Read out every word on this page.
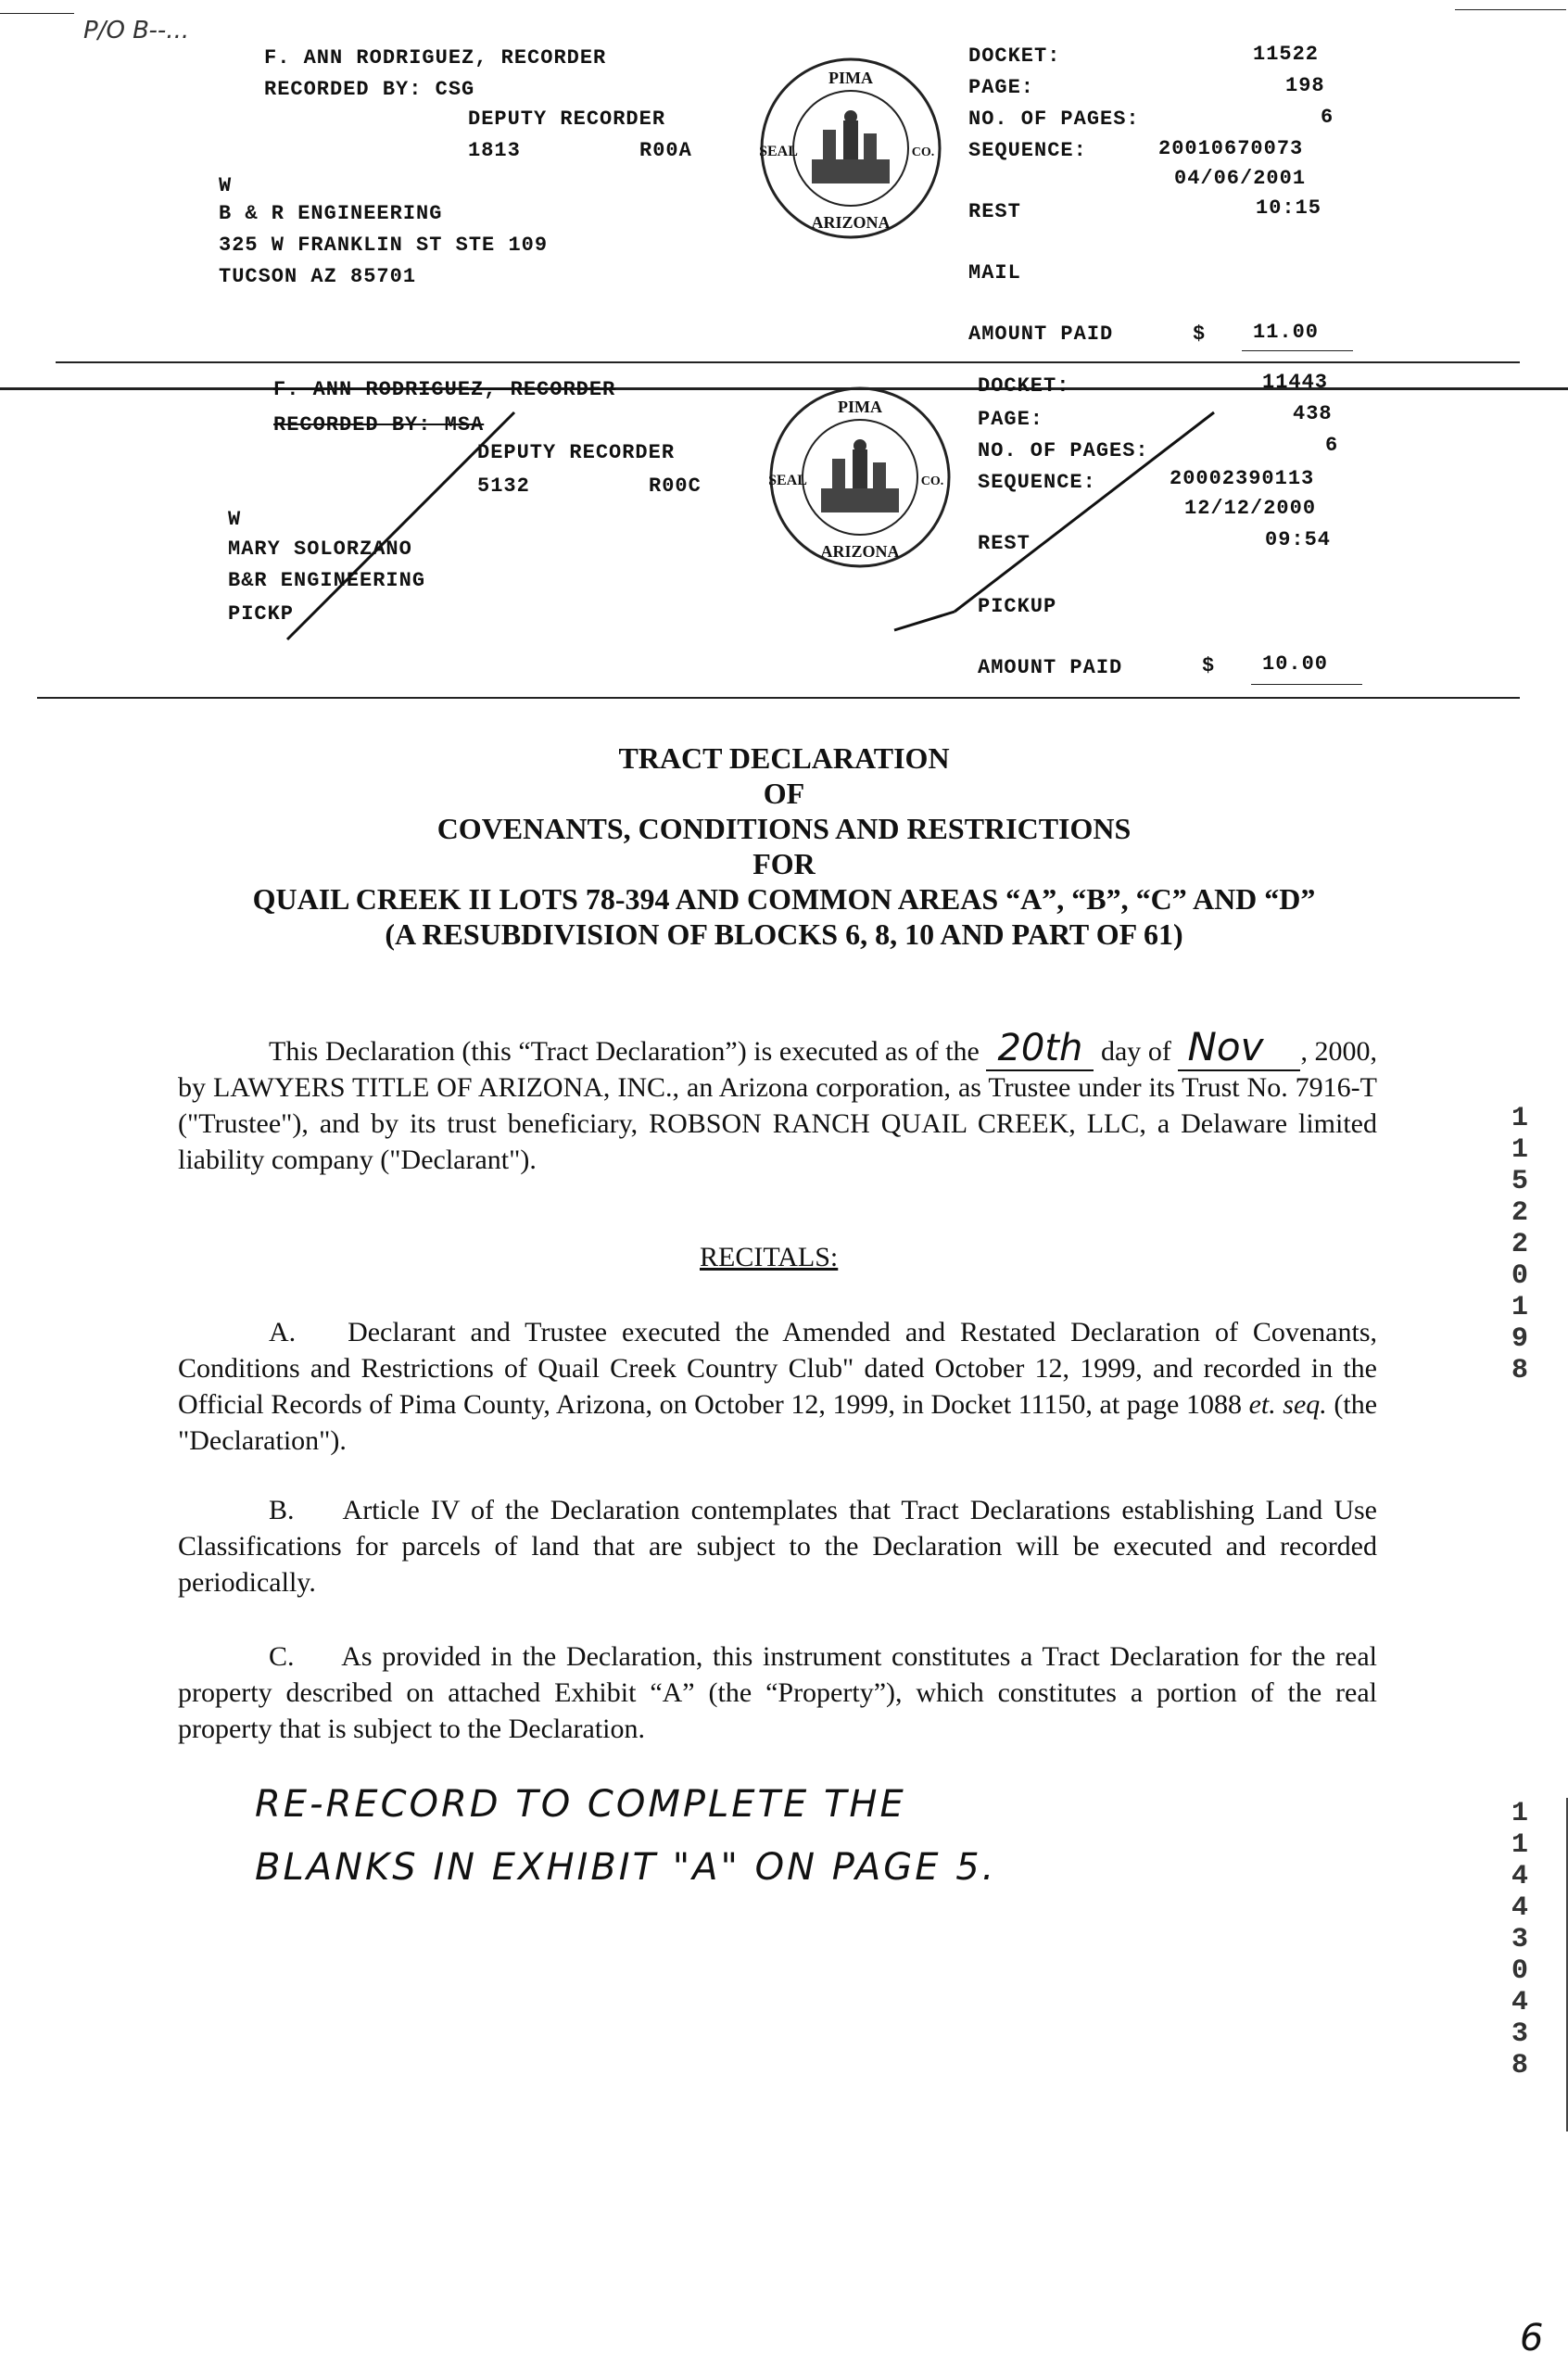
P/O B--...
F. ANN RODRIGUEZ, RECORDER
RECORDED BY: CSG
DEPUTY RECORDER
1813	R00A
W
B & R ENGINEERING
325 W FRANKLIN ST STE 109
TUCSON AZ 85701
PIMA
SEAL	CO.
ARIZONA
DOCKET:	11522
PAGE:	198
NO. OF PAGES:	6
SEQUENCE:	20010670073
04/06/2001
REST	10:15
MAIL
AMOUNT PAID	$ 11.00
F. ANN RODRIGUEZ, RECORDER
RECORDED BY: MSA
DEPUTY RECORDER
5132	R00C
W
MARY SOLORZANO
B&R ENGINEERING
PICKP
PIMA
SEAL	CO.
ARIZONA
DOCKET:	11443
PAGE:	438
NO. OF PAGES:	6
SEQUENCE:	20002390113
12/12/2000
REST	09:54
PICKUP
AMOUNT PAID	$ 10.00
TRACT DECLARATION
OF
COVENANTS, CONDITIONS AND RESTRICTIONS
FOR
QUAIL CREEK II LOTS 78-394 AND COMMON AREAS “A”, “B”, “C” AND “D”
(A RESUBDIVISION OF BLOCKS 6, 8, 10 AND PART OF 61)
This Declaration (this “Tract Declaration”) is executed as of the 20th day of Nov , 2000, by LAWYERS TITLE OF ARIZONA, INC., an Arizona corporation, as Trustee under its Trust No. 7916-T ("Trustee"), and by its trust beneficiary, ROBSON RANCH QUAIL CREEK, LLC, a Delaware limited liability company ("Declarant").
RECITALS:
A. Declarant and Trustee executed the Amended and Restated Declaration of Covenants, Conditions and Restrictions of Quail Creek Country Club" dated October 12, 1999, and recorded in the Official Records of Pima County, Arizona, on October 12, 1999, in Docket 11150, at page 1088 et. seq. (the "Declaration").
B. Article IV of the Declaration contemplates that Tract Declarations establishing Land Use Classifications for parcels of land that are subject to the Declaration will be executed and recorded periodically.
C. As provided in the Declaration, this instrument constitutes a Tract Declaration for the real property described on attached Exhibit “A” (the “Property”), which constitutes a portion of the real property that is subject to the Declaration.
RE-RECORD TO COMPLETE THE
BLANKS IN EXHIBIT "A" ON PAGE 5.
11522 0198
11443 0438
6
